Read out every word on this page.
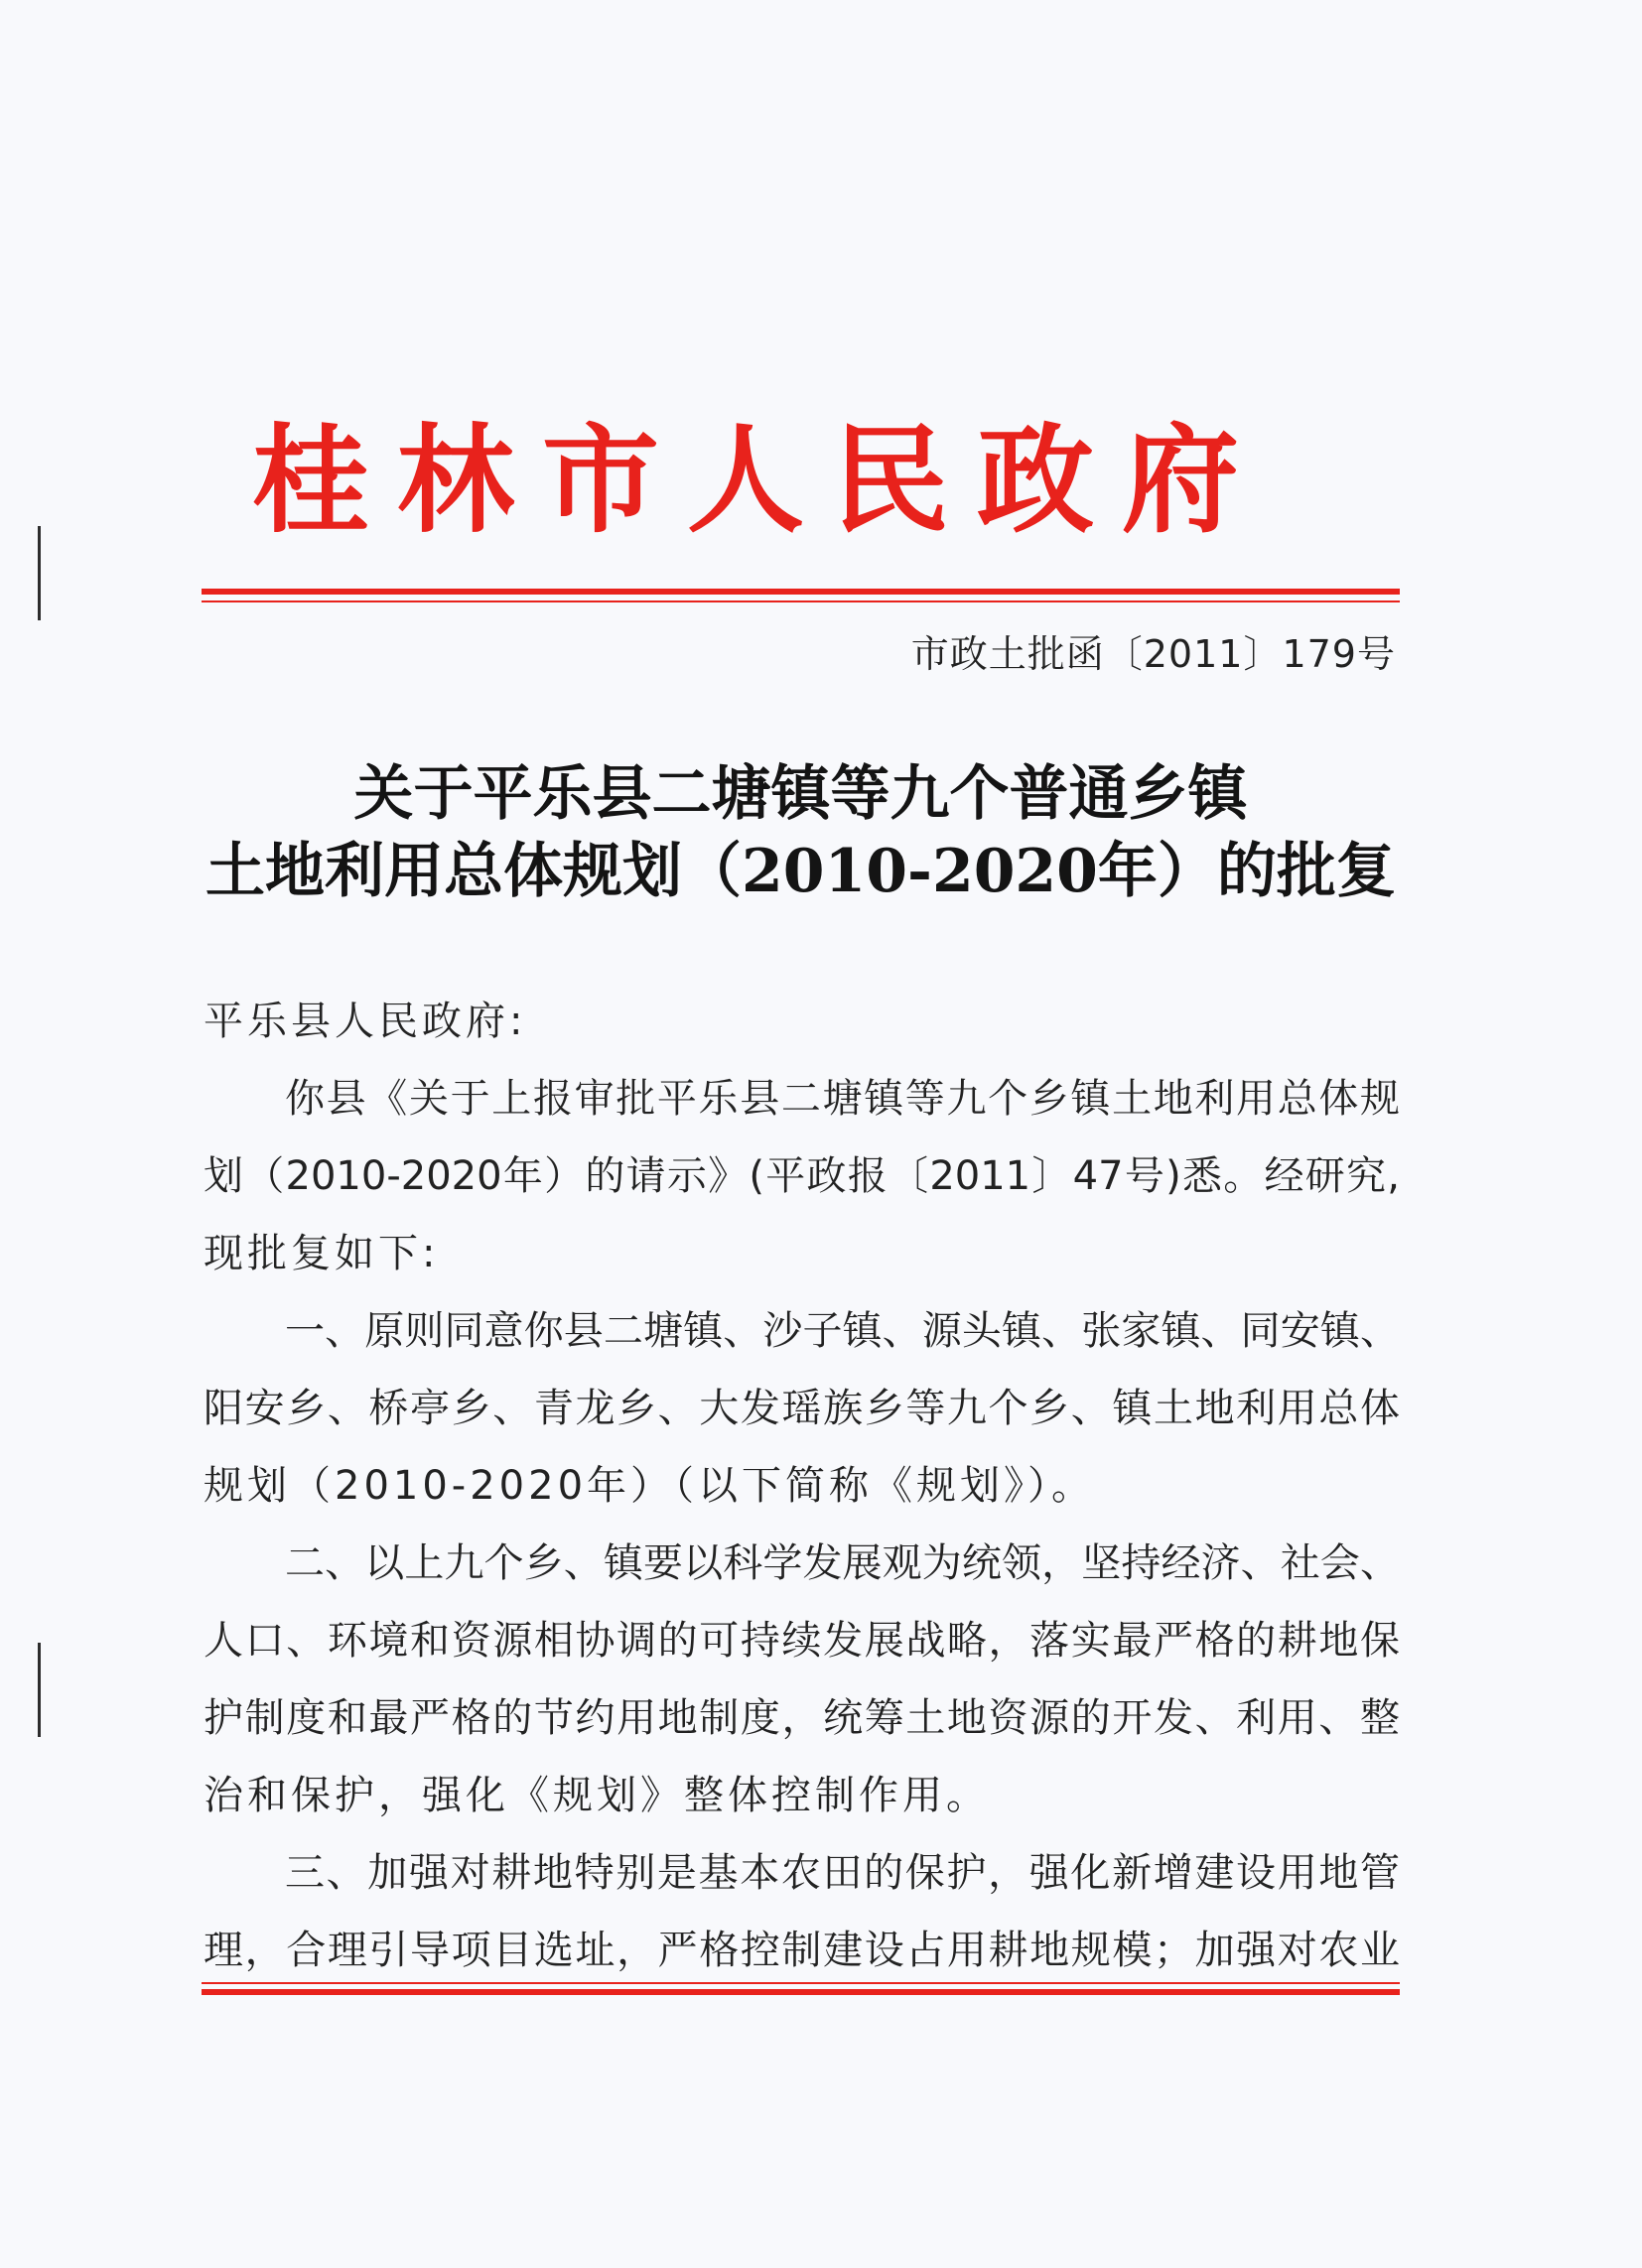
桂林市人民政府
市政土批函〔2011〕179号
关于平乐县二塘镇等九个普通乡镇
土地利用总体规划（2010-2020年）的批复
平乐县人民政府:
你县《关于上报审批平乐县二塘镇等九个乡镇土地利用总体规
划（2010-2020年）的请示》(平政报〔2011〕47号)悉。经研究,
现批复如下:
一、原则同意你县二塘镇、沙子镇、源头镇、张家镇、同安镇、
阳安乡、桥亭乡、青龙乡、大发瑶族乡等九个乡、镇土地利用总体
规划（2010-2020年）（以下简称《规划》）。
二、以上九个乡、镇要以科学发展观为统领，坚持经济、社会、
人口、环境和资源相协调的可持续发展战略，落实最严格的耕地保
护制度和最严格的节约用地制度，统筹土地资源的开发、利用、整
治和保护，强化《规划》整体控制作用。
三、加强对耕地特别是基本农田的保护，强化新增建设用地管
理，合理引导项目选址，严格控制建设占用耕地规模；加强对农业
